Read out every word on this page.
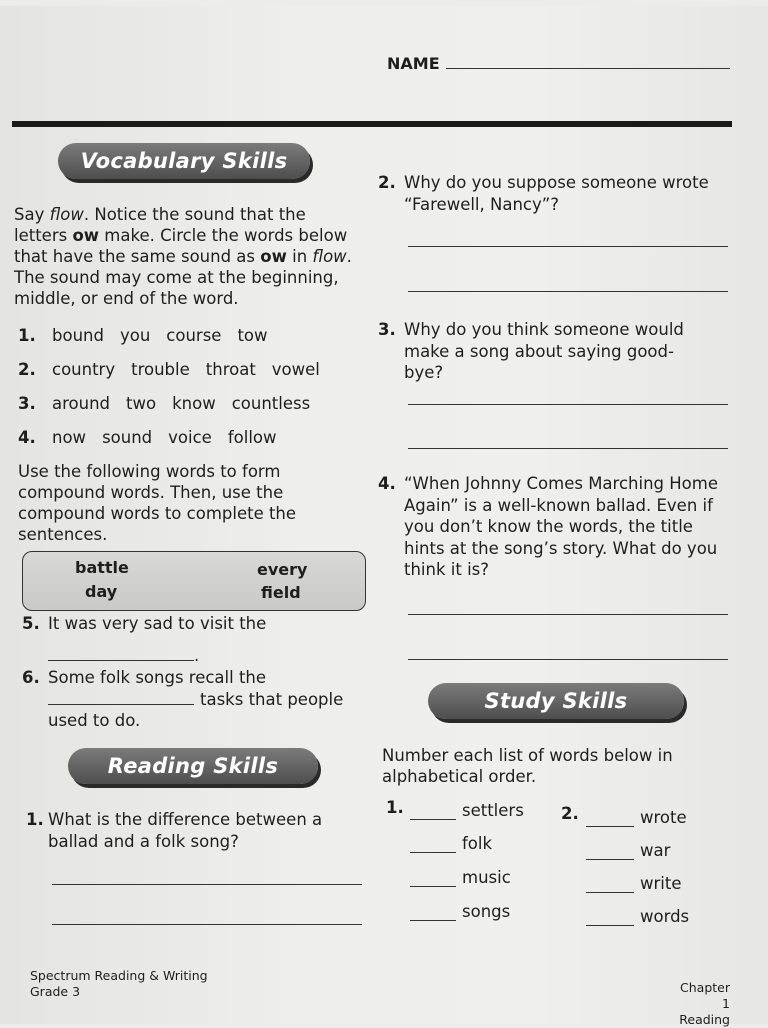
NAME
Vocabulary Skills
Say flow. Notice the sound that the letters ow make. Circle the words below that have the same sound as ow in flow. The sound may come at the beginning, middle, or end of the word.
1. bound you course tow
2. country trouble throat vowel
3. around two know countless
4. now sound voice follow
Use the following words to form compound words. Then, use the compound words to complete the sentences.
battle	every
day	field
5. It was very sad to visit the
.
6. Some folk songs recall the
tasks that people used to do.
Reading Skills
1. What is the difference between a ballad and a folk song?
2. Why do you suppose someone wrote “Farewell, Nancy”?
3. Why do you think someone would make a song about saying good-bye?
4. “When Johnny Comes Marching Home Again” is a well-known ballad. Even if you don’t know the words, the title hints at the song’s story. What do you think it is?
Study Skills
Number each list of words below in alphabetical order.
1.	settlers
folk
music
songs
2.	wrote
war
write
words
Spectrum Reading & Writing
Grade 3	Chapter 1
Reading
